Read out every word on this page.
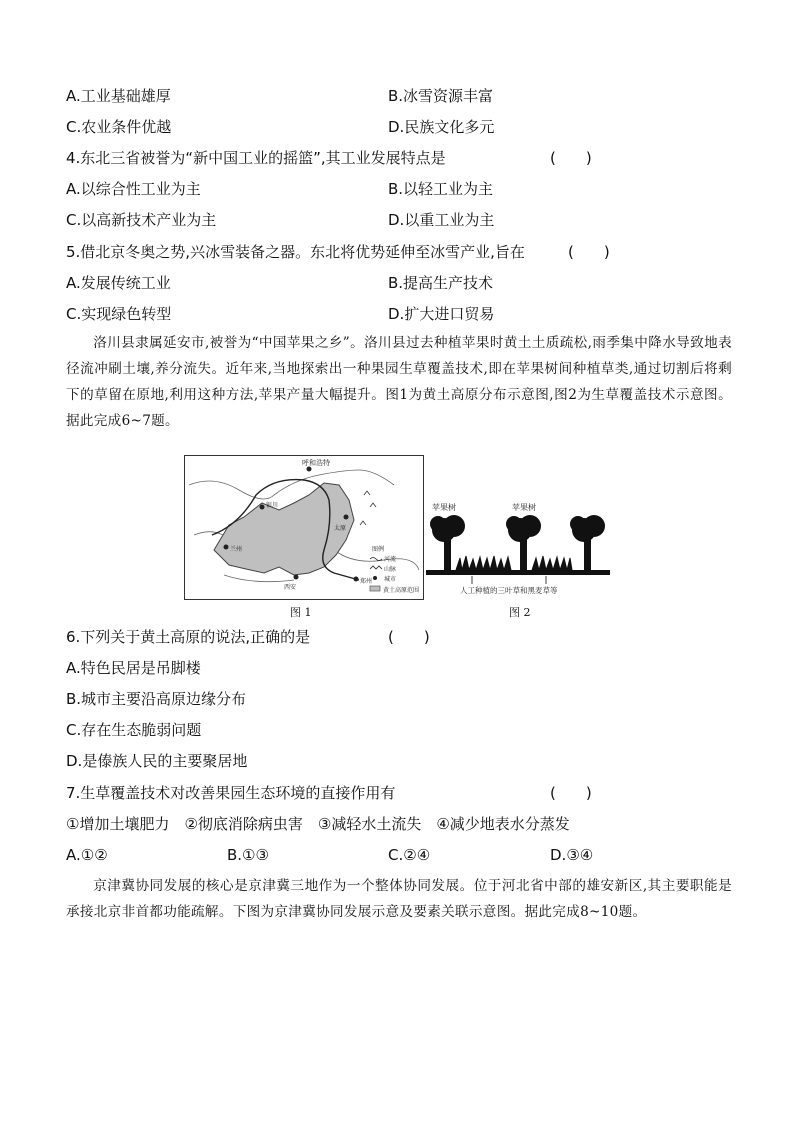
A.工业基础雄厚	B.冰雪资源丰富
C.农业条件优越	D.民族文化多元
4.东北三省被誉为“新中国工业的摇篮”,其工业发展特点是	(　　)
A.以综合性工业为主	B.以轻工业为主
C.以高新技术产业为主	D.以重工业为主
5.借北京冬奥之势,兴冰雪装备之器。东北将优势延伸至冰雪产业,旨在	(　　)
A.发展传统工业	B.提高生产技术
C.实现绿色转型	D.扩大进口贸易
洛川县隶属延安市,被誉为“中国苹果之乡”。洛川县过去种植苹果时黄土土质疏松,雨季集中降水导致地表径流冲刷土壤,养分流失。近年来,当地探索出一种果园生草覆盖技术,即在苹果树间种植草类,通过切割后将剩下的草留在原地,利用这种方法,苹果产量大幅提升。图1为黄土高原分布示意图,图2为生草覆盖技术示意图。据此完成6~7题。
呼和浩特
银川
太原
兰州
西安
郑州
图例
河流
山脉
城市
黄土高原范围
图 1
苹果树	苹果树
人工种植的三叶草和黑麦草等
图 2
6.下列关于黄土高原的说法,正确的是	(　　)
A.特色民居是吊脚楼
B.城市主要沿高原边缘分布
C.存在生态脆弱问题
D.是傣族人民的主要聚居地
7.生草覆盖技术对改善果园生态环境的直接作用有	(　　)
①增加土壤肥力　②彻底消除病虫害　③减轻水土流失　④减少地表水分蒸发
A.①②	B.①③	C.②④	D.③④
京津冀协同发展的核心是京津冀三地作为一个整体协同发展。位于河北省中部的雄安新区,其主要职能是承接北京非首都功能疏解。下图为京津冀协同发展示意及要素关联示意图。据此完成8~10题。
